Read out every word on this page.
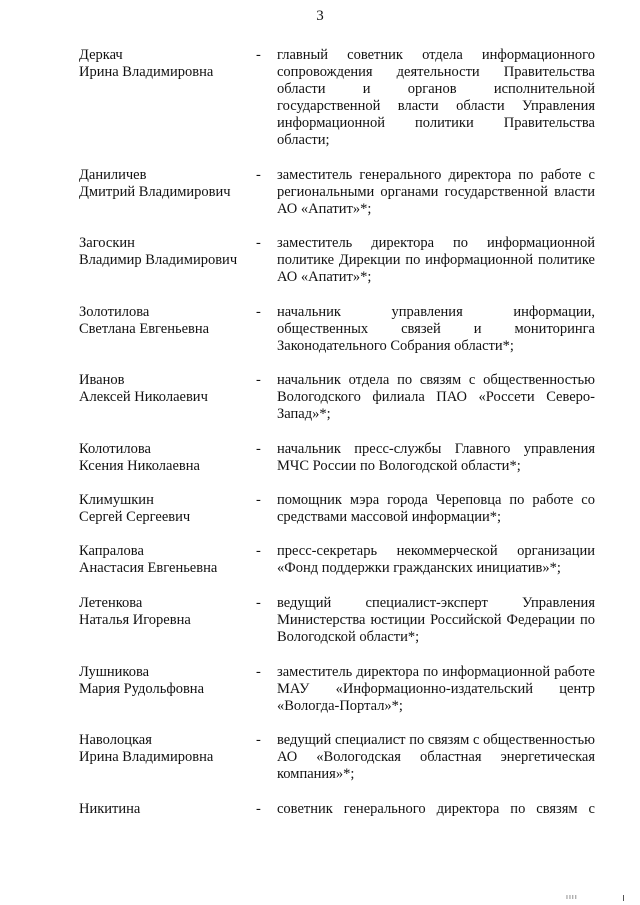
3
Деркач
Ирина Владимировна
- главный советник отдела информационного сопровождения деятельности Правительства области и органов исполнительной государственной власти области Управления информационной политики Правительства области;
Даниличев
Дмитрий Владимирович
- заместитель генерального директора по работе с региональными органами государственной власти АО «Апатит»*;
Загоскин
Владимир Владимирович
- заместитель директора по информационной политике Дирекции по информационной политике АО «Апатит»*;
Золотилова
Светлана Евгеньевна
- начальник управления информации, общественных связей и мониторинга Законодательного Собрания области*;
Иванов
Алексей Николаевич
- начальник отдела по связям с общественностью Вологодского филиала ПАО «Россети Северо-Запад»*;
Колотилова
Ксения Николаевна
- начальник пресс-службы Главного управления МЧС России по Вологодской области*;
Климушкин
Сергей Сергеевич
- помощник мэра города Череповца по работе со средствами массовой информации*;
Капралова
Анастасия Евгеньевна
- пресс-секретарь некоммерческой организации «Фонд поддержки гражданских инициатив»*;
Летенкова
Наталья Игоревна
- ведущий специалист-эксперт Управления Министерства юстиции Российской Федерации по Вологодской области*;
Лушникова
Мария Рудольфовна
- заместитель директора по информационной работе МАУ «Информационно-издательский центр «Вологда-Портал»*;
Наволоцкая
Ирина Владимировна
- ведущий специалист по связям с общественностью АО «Вологодская областная энергетическая компания»*;
Никитина	- советник генерального директора по связям с
ıııı
